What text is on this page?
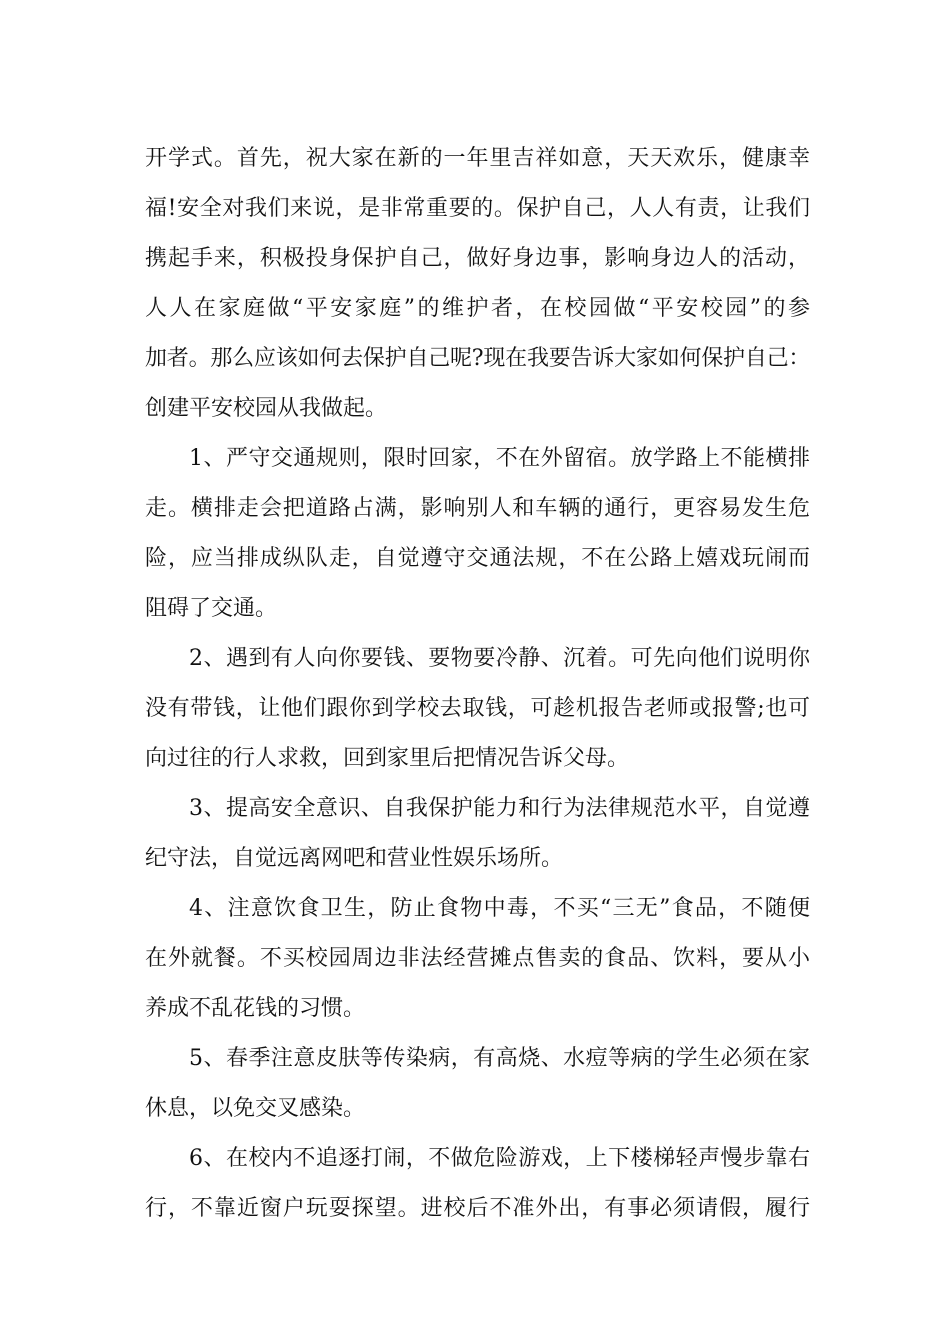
开学式。首先，祝大家在新的一年里吉祥如意，天天欢乐，健康幸
福!安全对我们来说，是非常重要的。保护自己，人人有责，让我们
携起手来，积极投身保护自己，做好身边事，影响身边人的活动，
人人在家庭做“平安家庭”的维护者，在校园做“平安校园”的参
加者。那么应该如何去保护自己呢?现在我要告诉大家如何保护自己：
创建平安校园从我做起。
1、严守交通规则，限时回家，不在外留宿。放学路上不能横排
走。横排走会把道路占满，影响别人和车辆的通行，更容易发生危
险，应当排成纵队走，自觉遵守交通法规，不在公路上嬉戏玩闹而
阻碍了交通。
2、遇到有人向你要钱、要物要冷静、沉着。可先向他们说明你
没有带钱，让他们跟你到学校去取钱，可趁机报告老师或报警;也可
向过往的行人求救，回到家里后把情况告诉父母。
3、提高安全意识、自我保护能力和行为法律规范水平，自觉遵
纪守法，自觉远离网吧和营业性娱乐场所。
4、注意饮食卫生，防止食物中毒，不买“三无”食品，不随便
在外就餐。不买校园周边非法经营摊点售卖的食品、饮料，要从小
养成不乱花钱的习惯。
5、春季注意皮肤等传染病，有高烧、水痘等病的学生必须在家
休息，以免交叉感染。
6、在校内不追逐打闹，不做危险游戏，上下楼梯轻声慢步靠右
行，不靠近窗户玩耍探望。进校后不准外出，有事必须请假，履行
